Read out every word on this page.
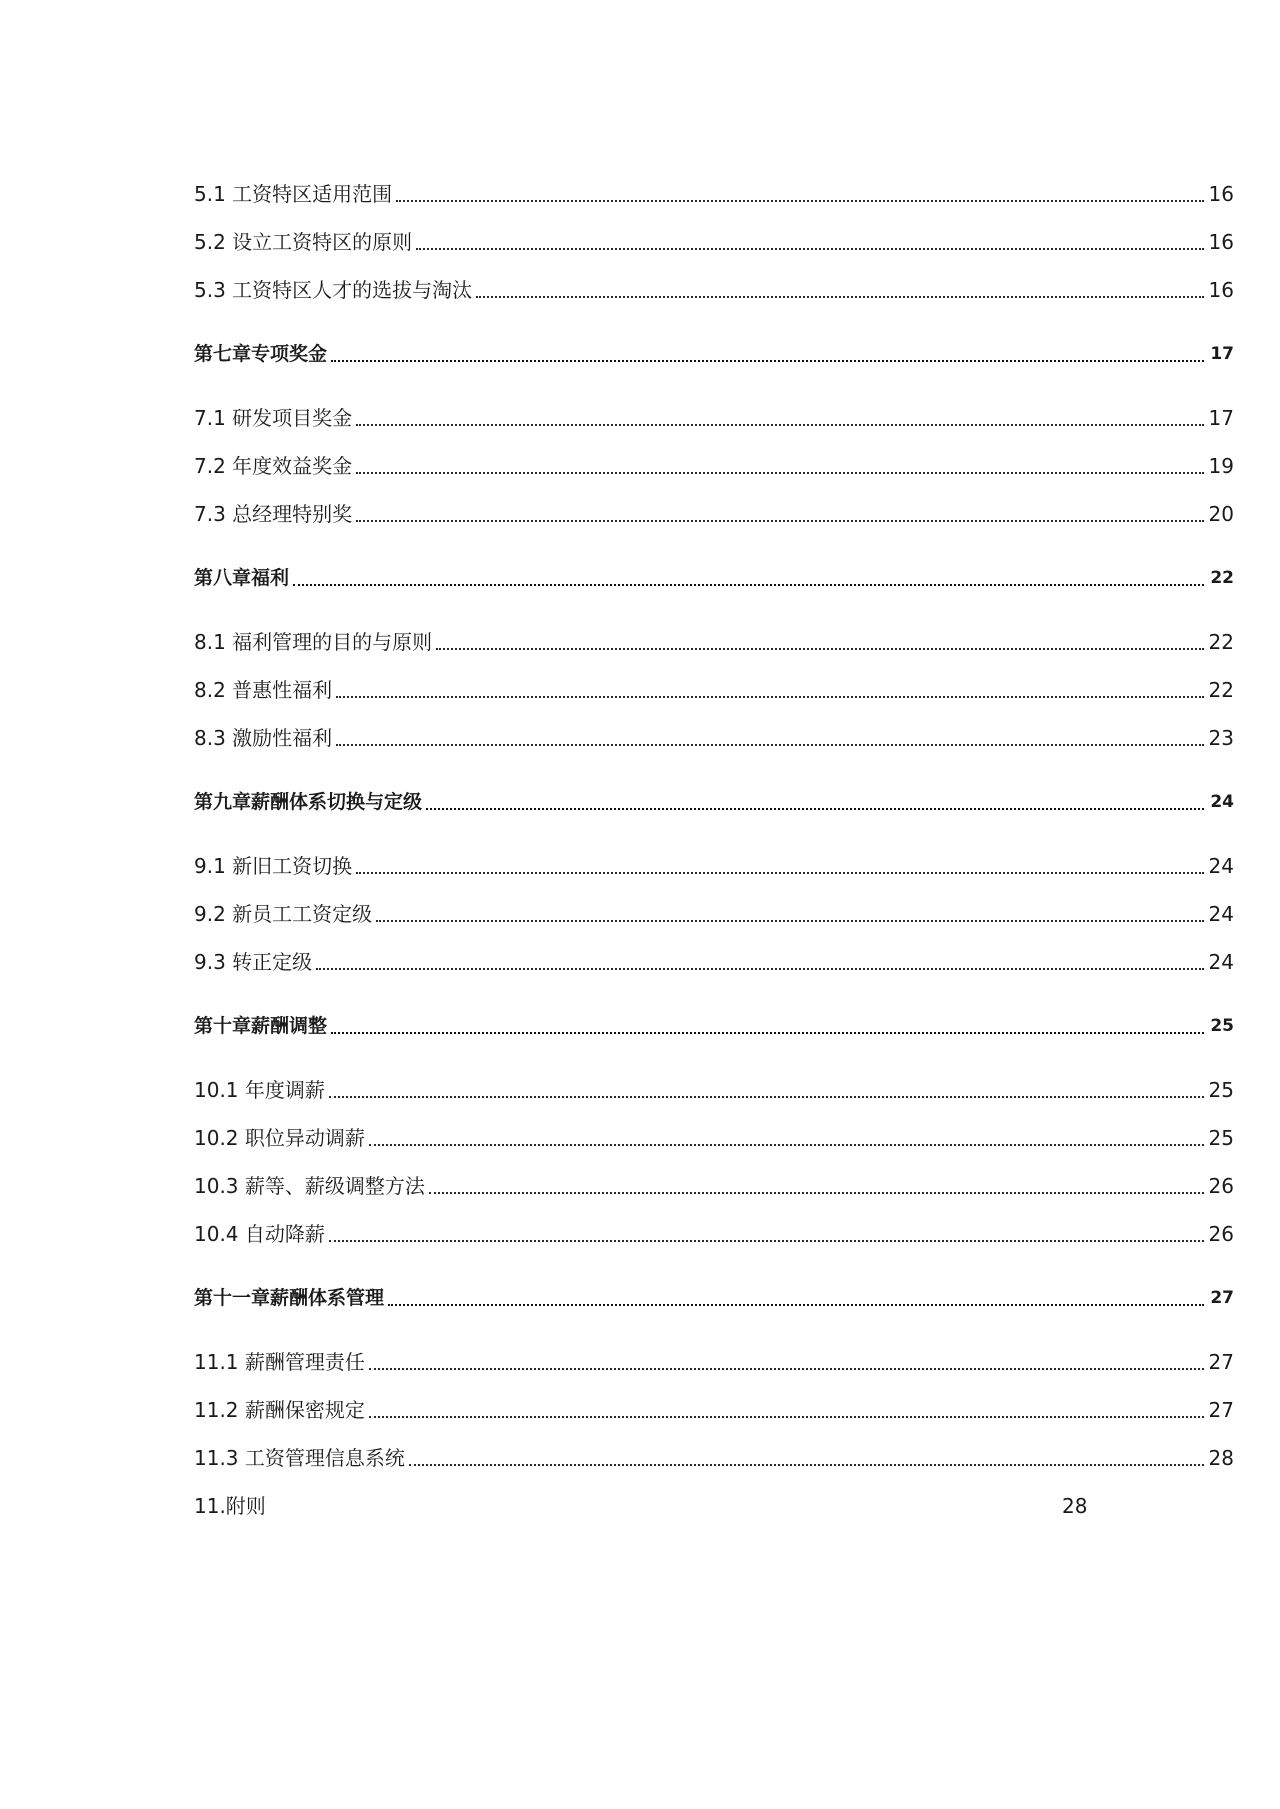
5.1 工资特区适用范围	16
5.2 设立工资特区的原则	16
5.3 工资特区人才的选拔与淘汰	16
第七章专项奖金	17
7.1 研发项目奖金	17
7.2 年度效益奖金	19
7.3 总经理特别奖	20
第八章福利	22
8.1 福利管理的目的与原则	22
8.2 普惠性福利	22
8.3 激励性福利	23
第九章薪酬体系切换与定级	24
9.1 新旧工资切换	24
9.2 新员工工资定级	24
9.3 转正定级	24
第十章薪酬调整	25
10.1 年度调薪	25
10.2 职位异动调薪	25
10.3 薪等、薪级调整方法	26
10.4 自动降薪	26
第十一章薪酬体系管理	27
11.1 薪酬管理责任	27
11.2 薪酬保密规定	27
11.3 工资管理信息系统	28
11.附则	28
